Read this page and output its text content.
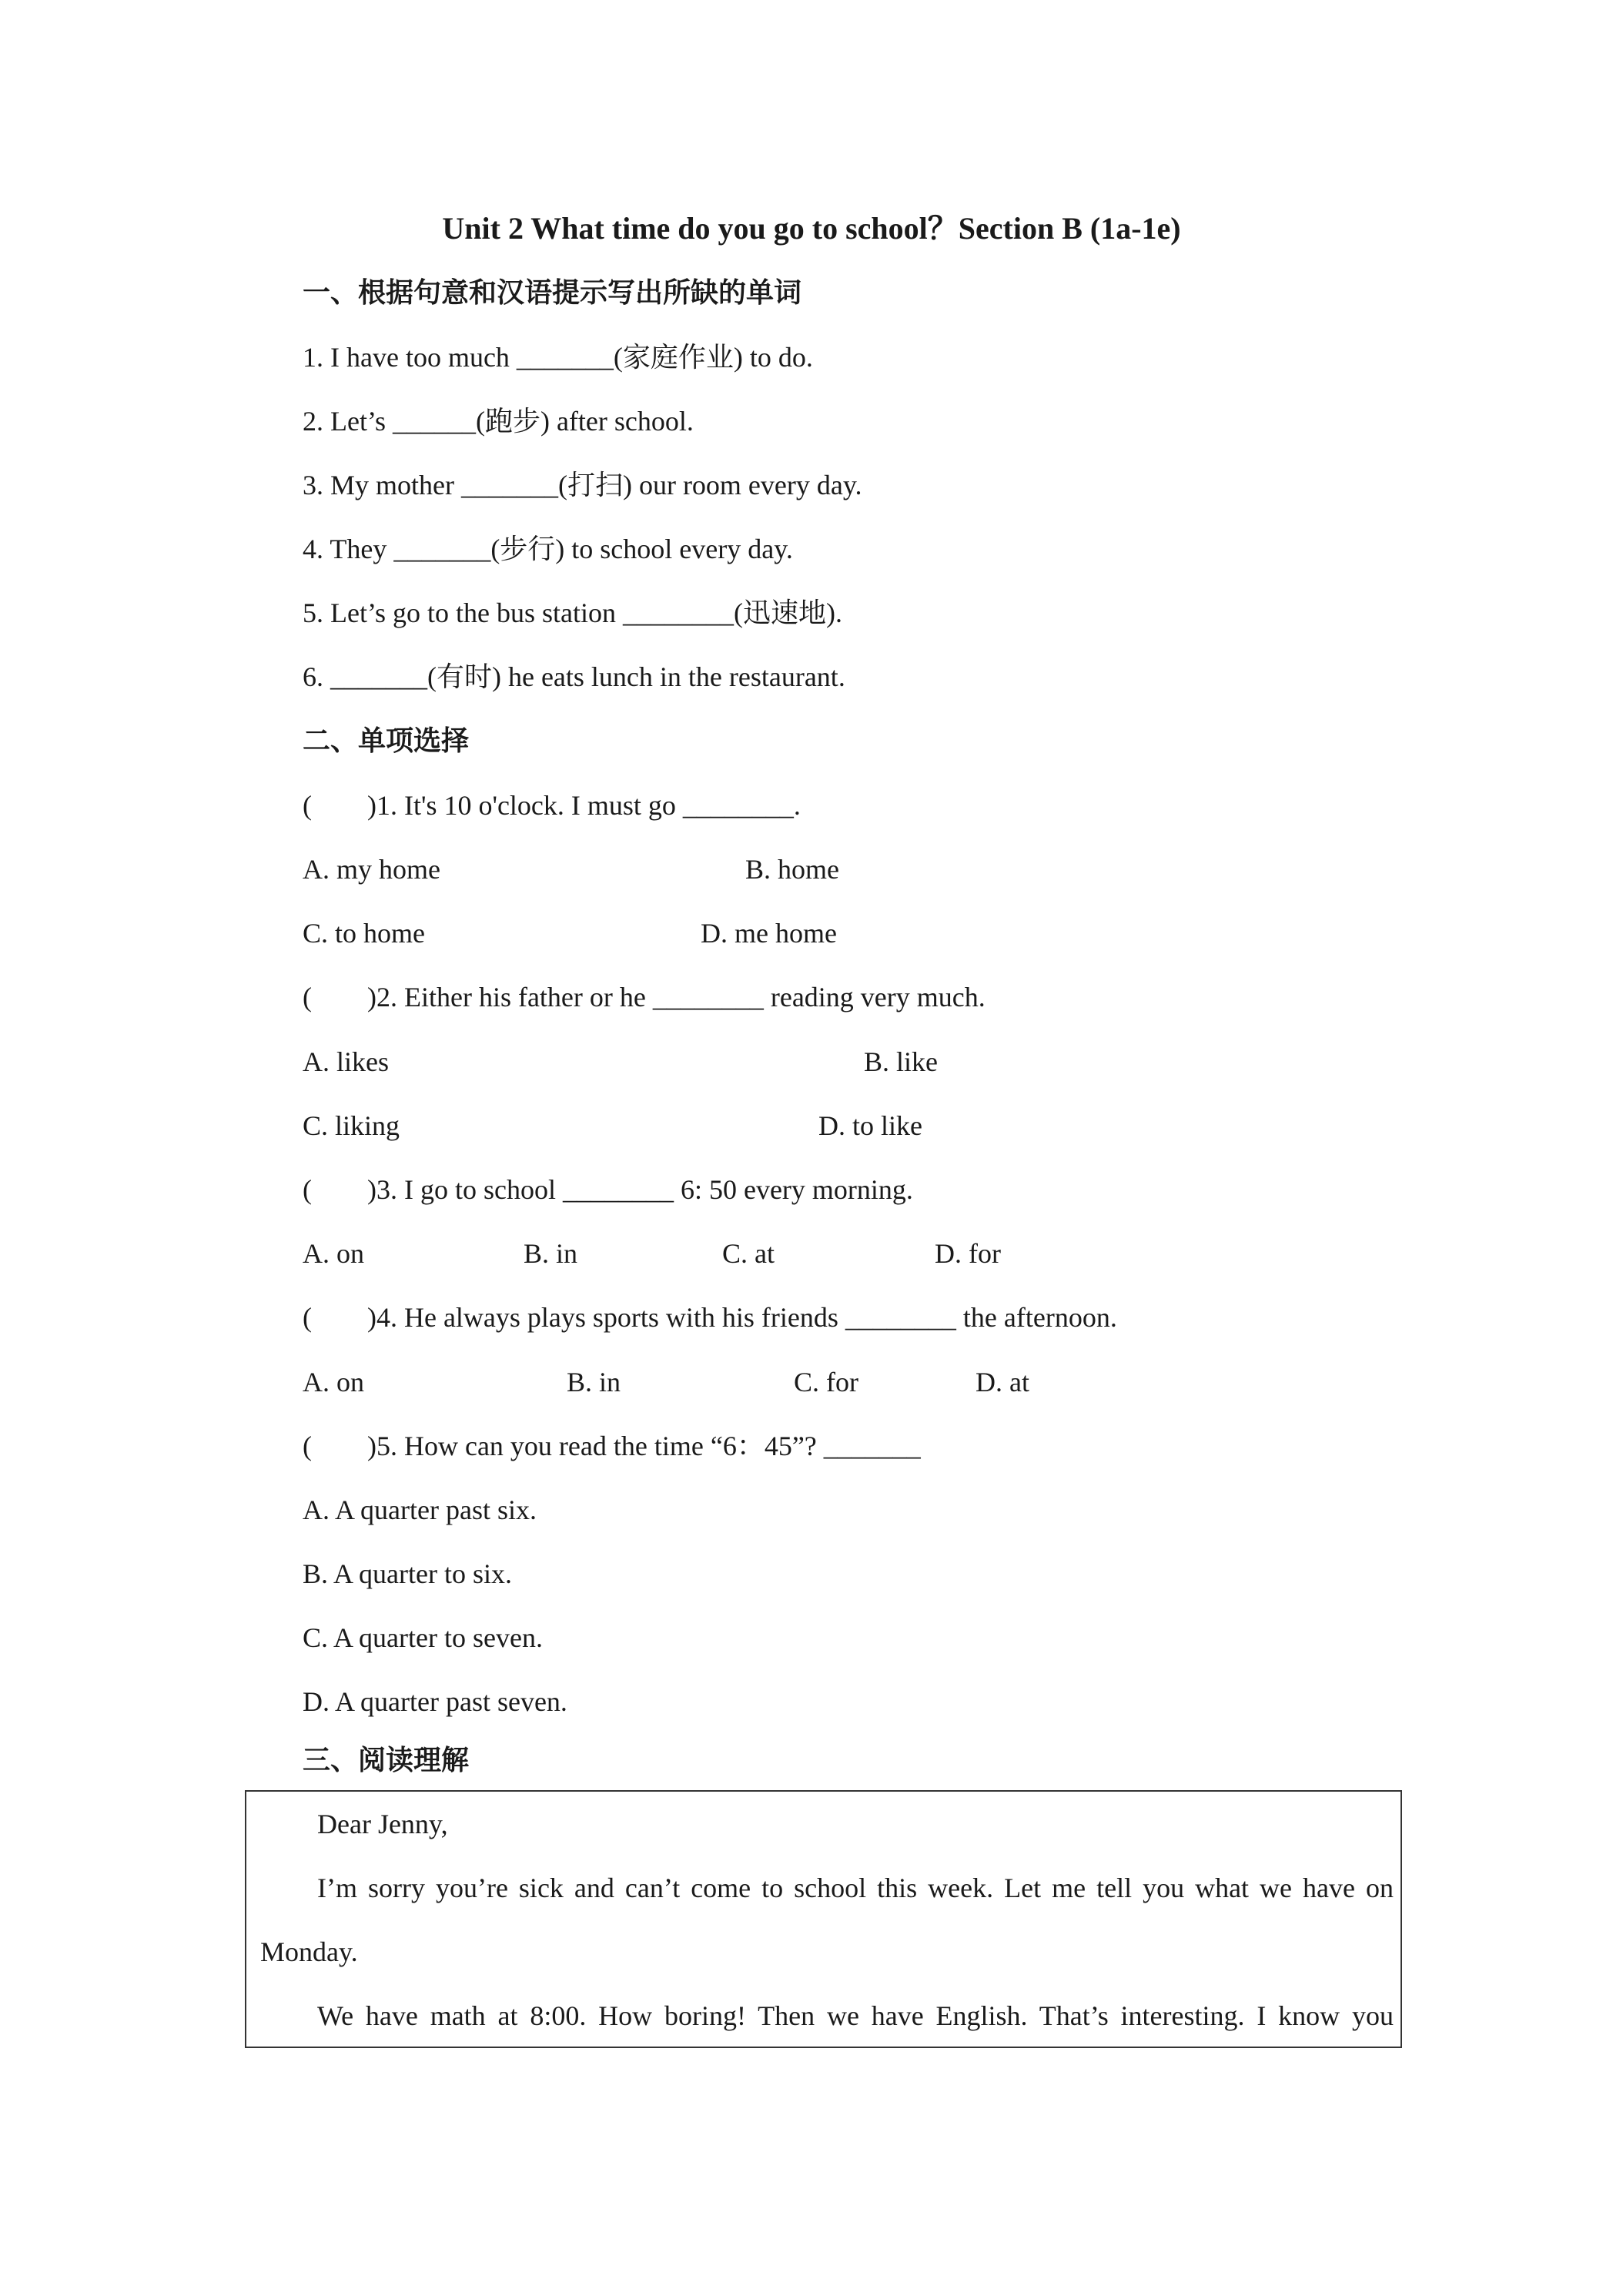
Unit 2 What time do you go to school？Section B (1a-1e)

一、根据句意和汉语提示写出所缺的单词

1. I have too much _______(家庭作业) to do.

2. Let’s ______(跑步) after school.

3. My mother _______(打扫) our room every day.

4. They _______(步行) to school every day.

5. Let’s go to the bus station ________(迅速地).

6. _______(有时) he eats lunch in the restaurant.

二、单项选择

(        )1. It's 10 o'clock. I must go ________.

A. my home	B. home

C. to home	D. me home

(        )2. Either his father or he ________ reading very much.

A. likes	B. like

C. liking	D. to like

(        )3. I go to school ________ 6: 50 every morning.

A. on	B. in	C. at	D. for

(        )4. He always plays sports with his friends ________ the afternoon.

A. on	B. in	C. for	D. at

(        )5. How can you read the time “6：45”? _______

A. A quarter past six.

B. A quarter to six.

C. A quarter to seven.

D. A quarter past seven.

三、阅读理解

Dear Jenny,

I’m sorry you’re sick and can’t come to school this week. Let me tell you what we have on

Monday.

We have math at 8:00. How boring! Then we have English. That’s interesting. I know you
